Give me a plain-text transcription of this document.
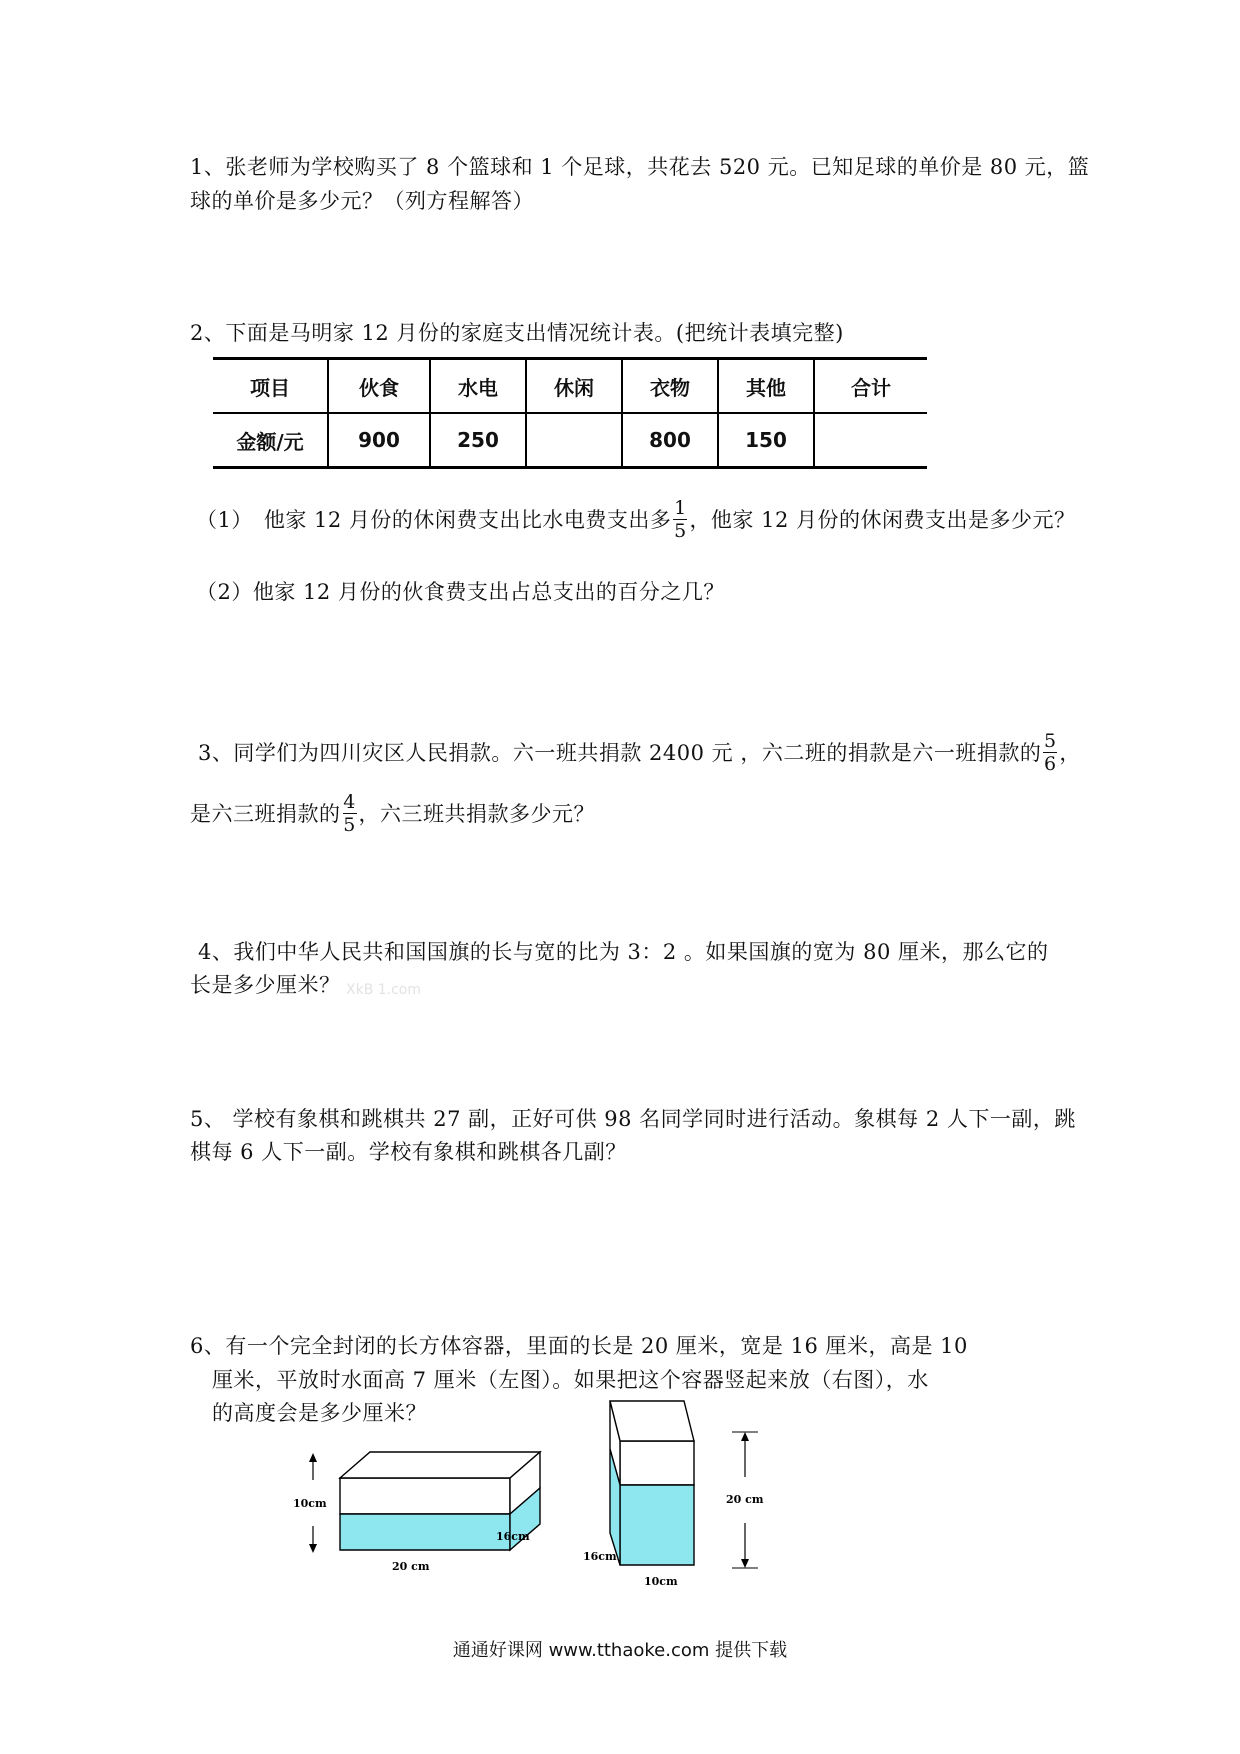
1、张老师为学校购买了 8 个篮球和 1 个足球，共花去 520 元。已知足球的单价是 80 元，篮
球的单价是多少元？（列方程解答）
2、下面是马明家 12 月份的家庭支出情况统计表。(把统计表填完整)
项目	伙食	水电	休闲	衣物	其他	合计
金额/元	900	250		800	150	
（1）　他家 12 月份的休闲费支出比水电费支出多 $\frac{1}{5}$ ，他家 12 月份的休闲费支出是多少元？
（2）他家 12 月份的伙食费支出占总支出的百分之几？
3、同学们为四川灾区人民捐款。六一班共捐款 2400 元 ，六二班的捐款是六一班捐款的 $\frac{5}{6}$ ，
是六三班捐款的 $\frac{4}{5}$ ，六三班共捐款多少元？
4、我们中华人民共和国国旗的长与宽的比为 3：2 。如果国旗的宽为 80 厘米，那么它的
长是多少厘米？ XkB 1.com
5、 学校有象棋和跳棋共 27 副，正好可供 98 名同学同时进行活动。象棋每 2 人下一副，跳
棋每 6 人下一副。学校有象棋和跳棋各几副？
6、有一个完全封闭的长方体容器，里面的长是 20 厘米，宽是 16 厘米，高是 10
厘米，平放时水面高 7 厘米（左图）。如果把这个容器竖起来放（右图），水
的高度会是多少厘米？
10cm
20 cm
16cm
20 cm
16cm
10cm
通通好课网 www.tthaoke.com 提供下载
